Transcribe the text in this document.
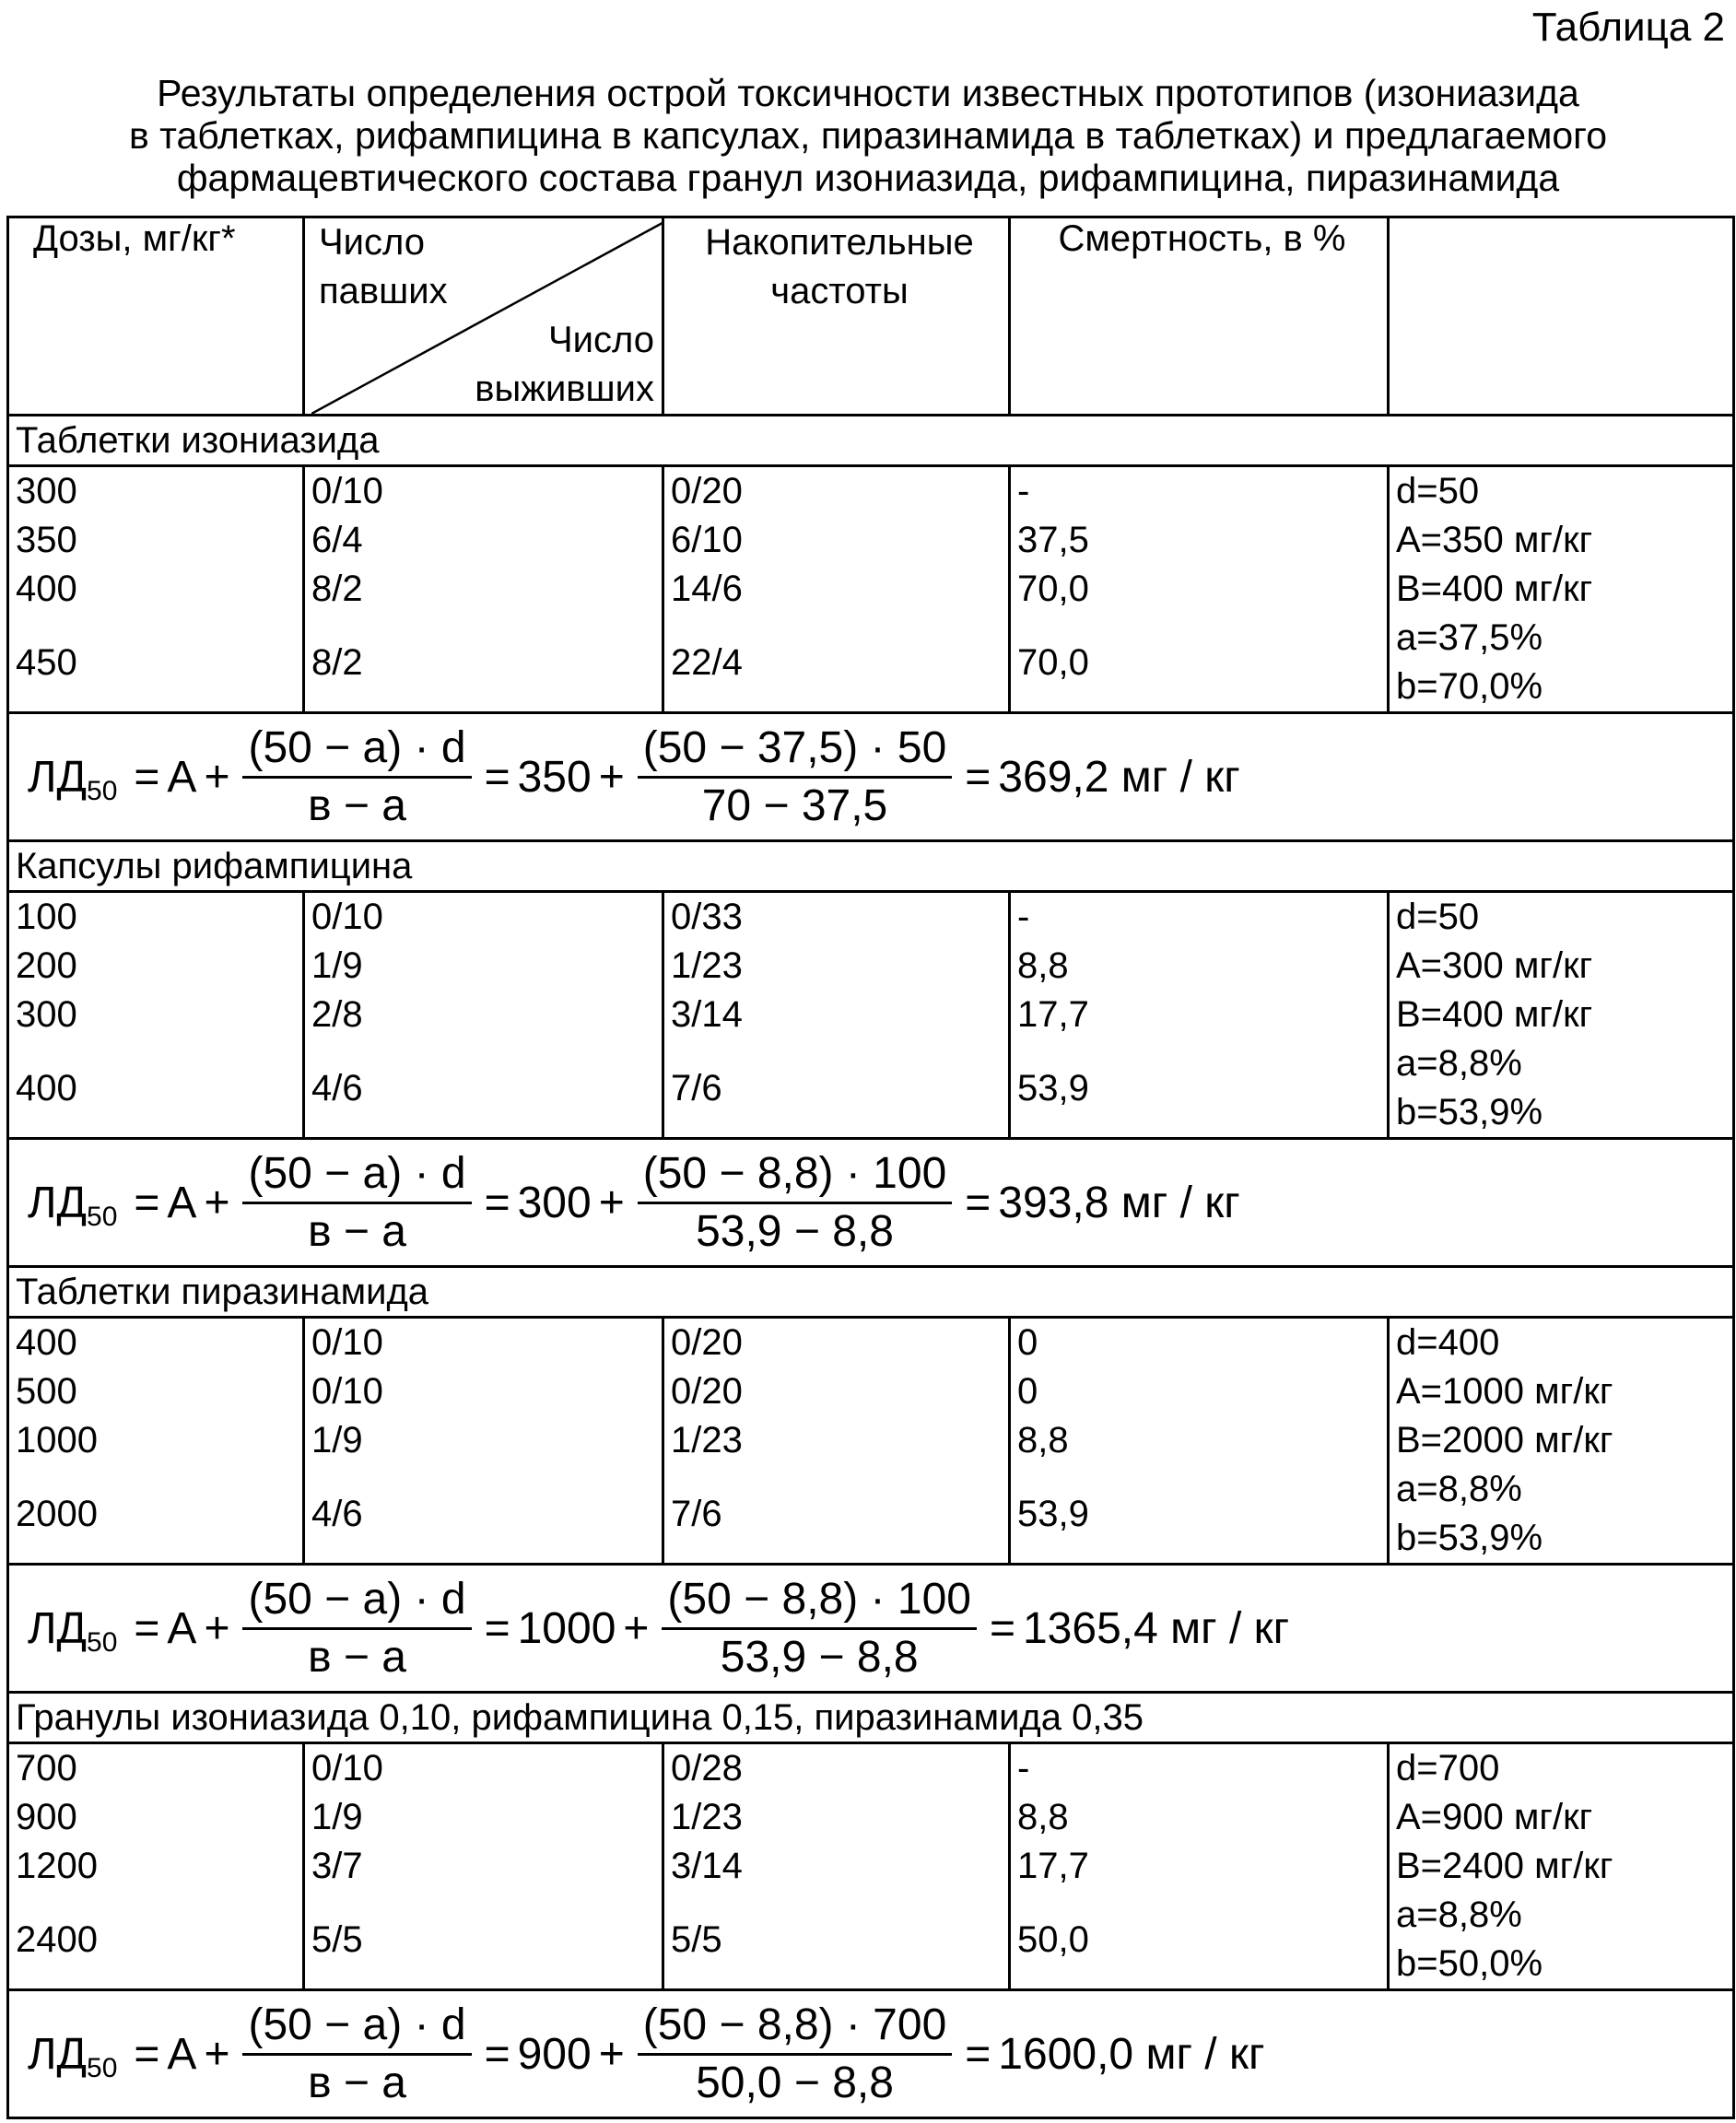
Таблица 2
Результаты определения острой токсичности известных прототипов (изониазида
в таблетках, рифампицина в капсулах, пиразинамида в таблетках) и предлагаемого
фармацевтического состава гранул изониазида, рифампицина, пиразинамида
Дозы, мг/кг*	Число
павших
Число
выживших

Накопительные
частоты
	Смертность, в %	
Таблетки изониазида

300
350
400
450

0/10
6/4
8/2
8/2

0/20
6/10
14/6
22/4

-
37,5
70,0
70,0

d=50
A=350 мг/кг
B=400 мг/кг
a=37,5%
b=70,0%

ЛД 50 = A +
(50 − a) · d
в − а
= 350 +
(50 − 37,5) · 50
70 − 37,5
= 369,2 мг / кг

Капсулы рифампицина

100
200
300
400

0/10
1/9
2/8
4/6

0/33
1/23
3/14
7/6

-
8,8
17,7
53,9

d=50
A=300 мг/кг
B=400 мг/кг
a=8,8%
b=53,9%

ЛД 50 = A +
(50 − a) · d
в − а
= 300 +
(50 − 8,8) · 100
53,9 − 8,8
= 393,8 мг / кг

Таблетки пиразинамида

400
500
1000
2000

0/10
0/10
1/9
4/6

0/20
0/20
1/23
7/6

0
0
8,8
53,9

d=400
A=1000 мг/кг
B=2000 мг/кг
a=8,8%
b=53,9%

ЛД 50 = A +
(50 − a) · d
в − а
= 1000 +
(50 − 8,8) · 100
53,9 − 8,8
= 1365,4 мг / кг

Гранулы изониазида 0,10, рифампицина 0,15, пиразинамида 0,35

700
900
1200
2400

0/10
1/9
3/7
5/5

0/28
1/23
3/14
5/5

-
8,8
17,7
50,0

d=700
A=900 мг/кг
B=2400 мг/кг
a=8,8%
b=50,0%

ЛД 50 = A +
(50 − a) · d
в − а
= 900 +
(50 − 8,8) · 700
50,0 − 8,8
= 1600,0 мг / кг
